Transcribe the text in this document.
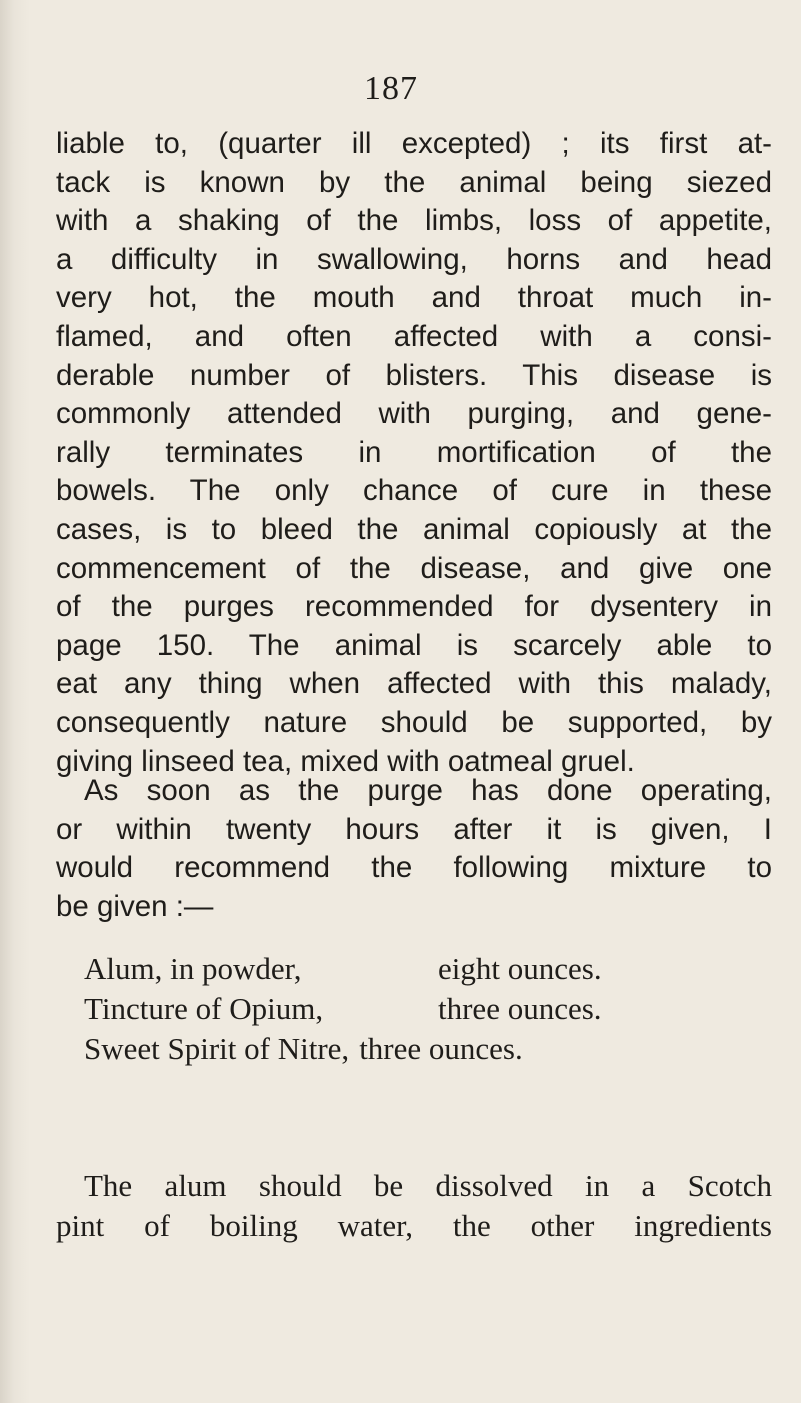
187
liable to, (quarter ill excepted) ; its first at-
tack is known by the animal being siezed
with a shaking of the limbs, loss of appetite,
a difficulty in swallowing, horns and head
very hot, the mouth and throat much in-
flamed, and often affected with a consi-
derable number of blisters. This disease is
commonly attended with purging, and gene-
rally terminates in mortification of the
bowels. The only chance of cure in these
cases, is to bleed the animal copiously at the
commencement of the disease, and give one
of the purges recommended for dysentery in
page 150. The animal is scarcely able to
eat any thing when affected with this malady,
consequently nature should be supported, by
giving linseed tea, mixed with oatmeal gruel.
As soon as the purge has done operating,
or within twenty hours after it is given, I
would recommend the following mixture to
be given :—
Alum, in powder,	eight ounces.
Tincture of Opium,	three ounces.
Sweet Spirit of Nitre, three ounces.
The alum should be dissolved in a Scotch
pint of boiling water, the other ingredients
